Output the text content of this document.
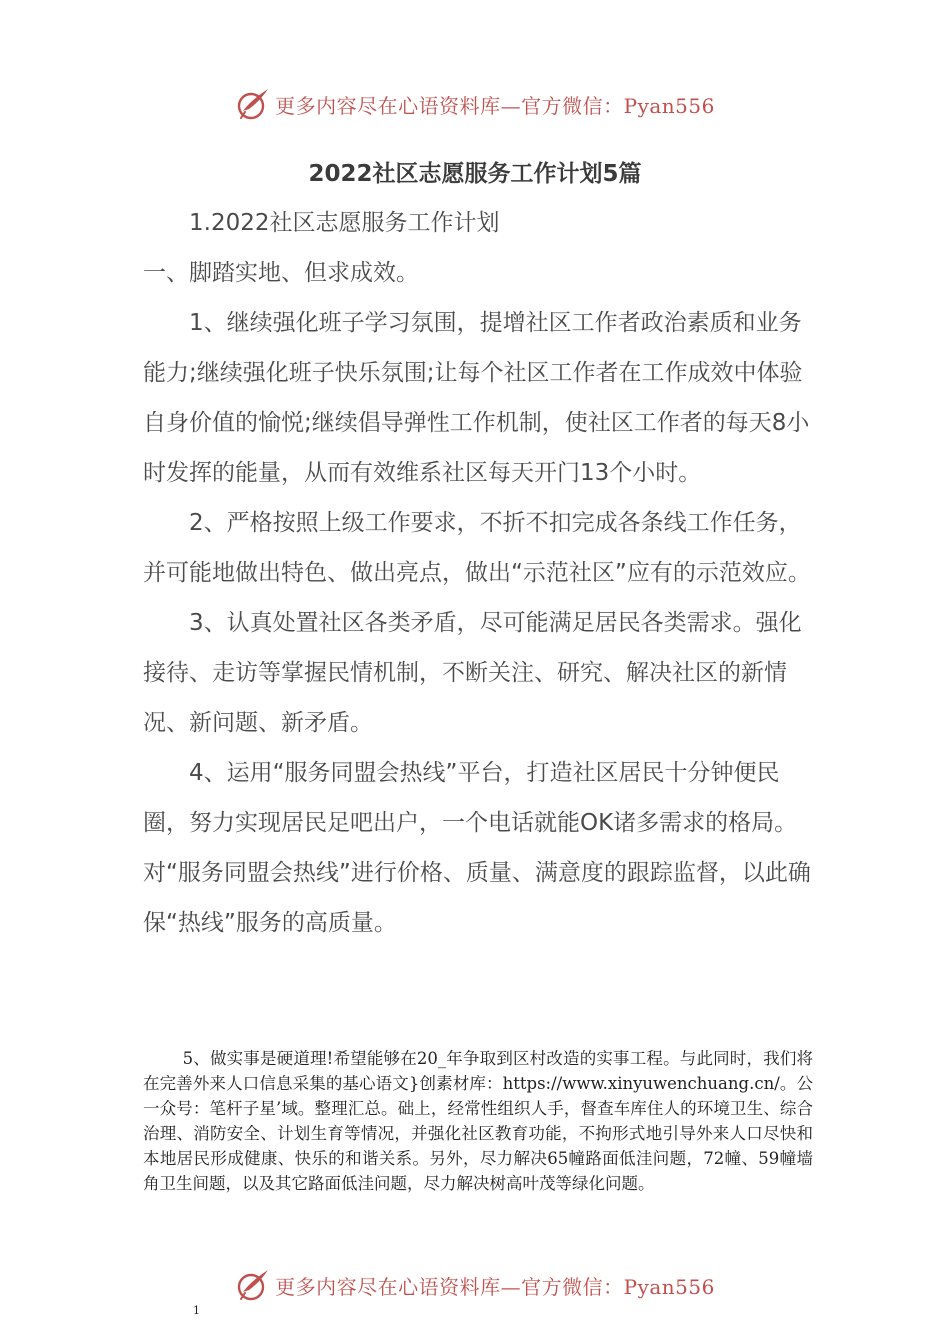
更多内容尽在心语资料库—官方微信：Pyan556
2022社区志愿服务工作计划5篇

1.2022社区志愿服务工作计划

一、脚踏实地、但求成效。

1、继续强化班子学习氛围，提增社区工作者政治素质和业务能力;继续强化班子快乐氛围;让每个社区工作者在工作成效中体验自身价值的愉悦;继续倡导弹性工作机制，使社区工作者的每天8小时发挥的能量，从而有效维系社区每天开门13个小时。

2、严格按照上级工作要求，不折不扣完成各条线工作任务，并可能地做出特色、做出亮点，做出“示范社区”应有的示范效应。

3、认真处置社区各类矛盾，尽可能满足居民各类需求。强化接待、走访等掌握民情机制，不断关注、研究、解决社区的新情况、新问题、新矛盾。

4、运用“服务同盟会热线”平台，打造社区居民十分钟便民圈，努力实现居民足吧出户，一个电话就能OK诸多需求的格局。对“服务同盟会热线”进行价格、质量、满意度的跟踪监督，以此确保“热线”服务的高质量。

5、做实事是硬道理!希望能够在20_年争取到区村改造的实事工程。与此同时，我们将在完善外来人口信息采集的基心语文}创素材库：https://www.xinyuwenchuang.cn/。公一众号：笔杆子星’域。整理汇总。础上，经常性组织人手，督查车库住人的环境卫生、综合治理、消防安全、计划生育等情况，并强化社区教育功能，不拘形式地引导外来人口尽快和本地居民形成健康、快乐的和谐关系。另外，尽力解决65幢路面低洼问题，72幢、59幢墙角卫生间题，以及其它路面低洼问题，尽力解决树高叶茂等绿化问题。

更多内容尽在心语资料库—官方微信：Pyan556
1
